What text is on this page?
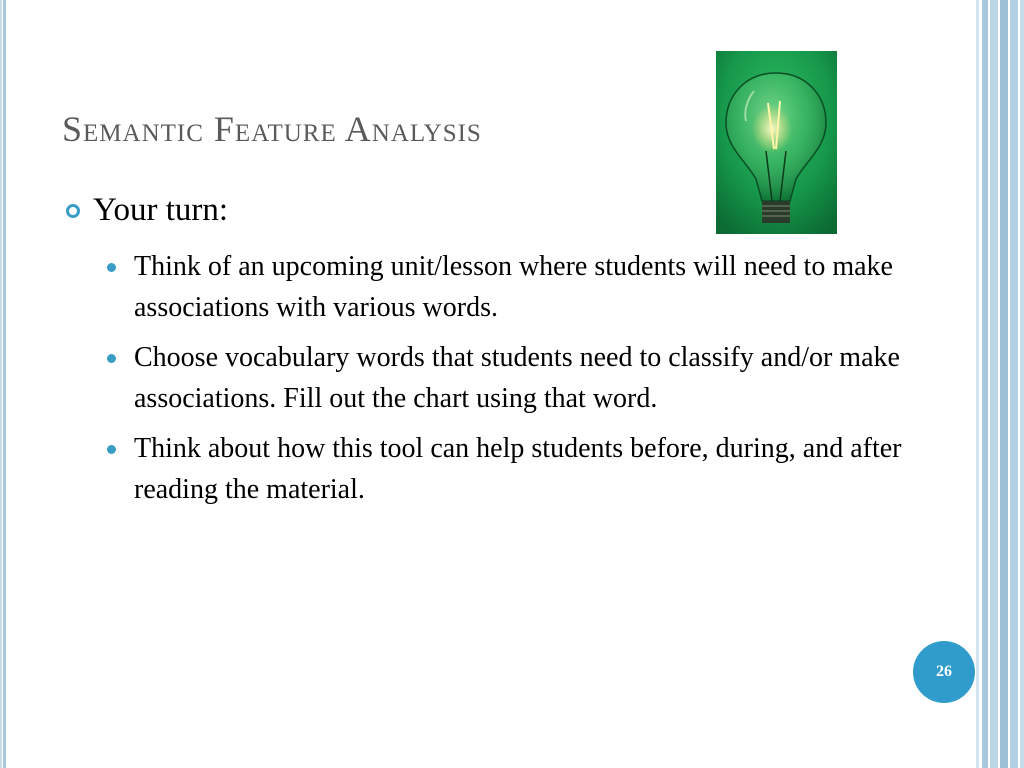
Semantic Feature Analysis
Your turn:
Think of an upcoming unit/lesson where students will need to make associations with various words.
Choose vocabulary words that students need to classify and/or make associations. Fill out the chart using that word.
Think about how this tool can help students before, during, and after reading the material.
26
